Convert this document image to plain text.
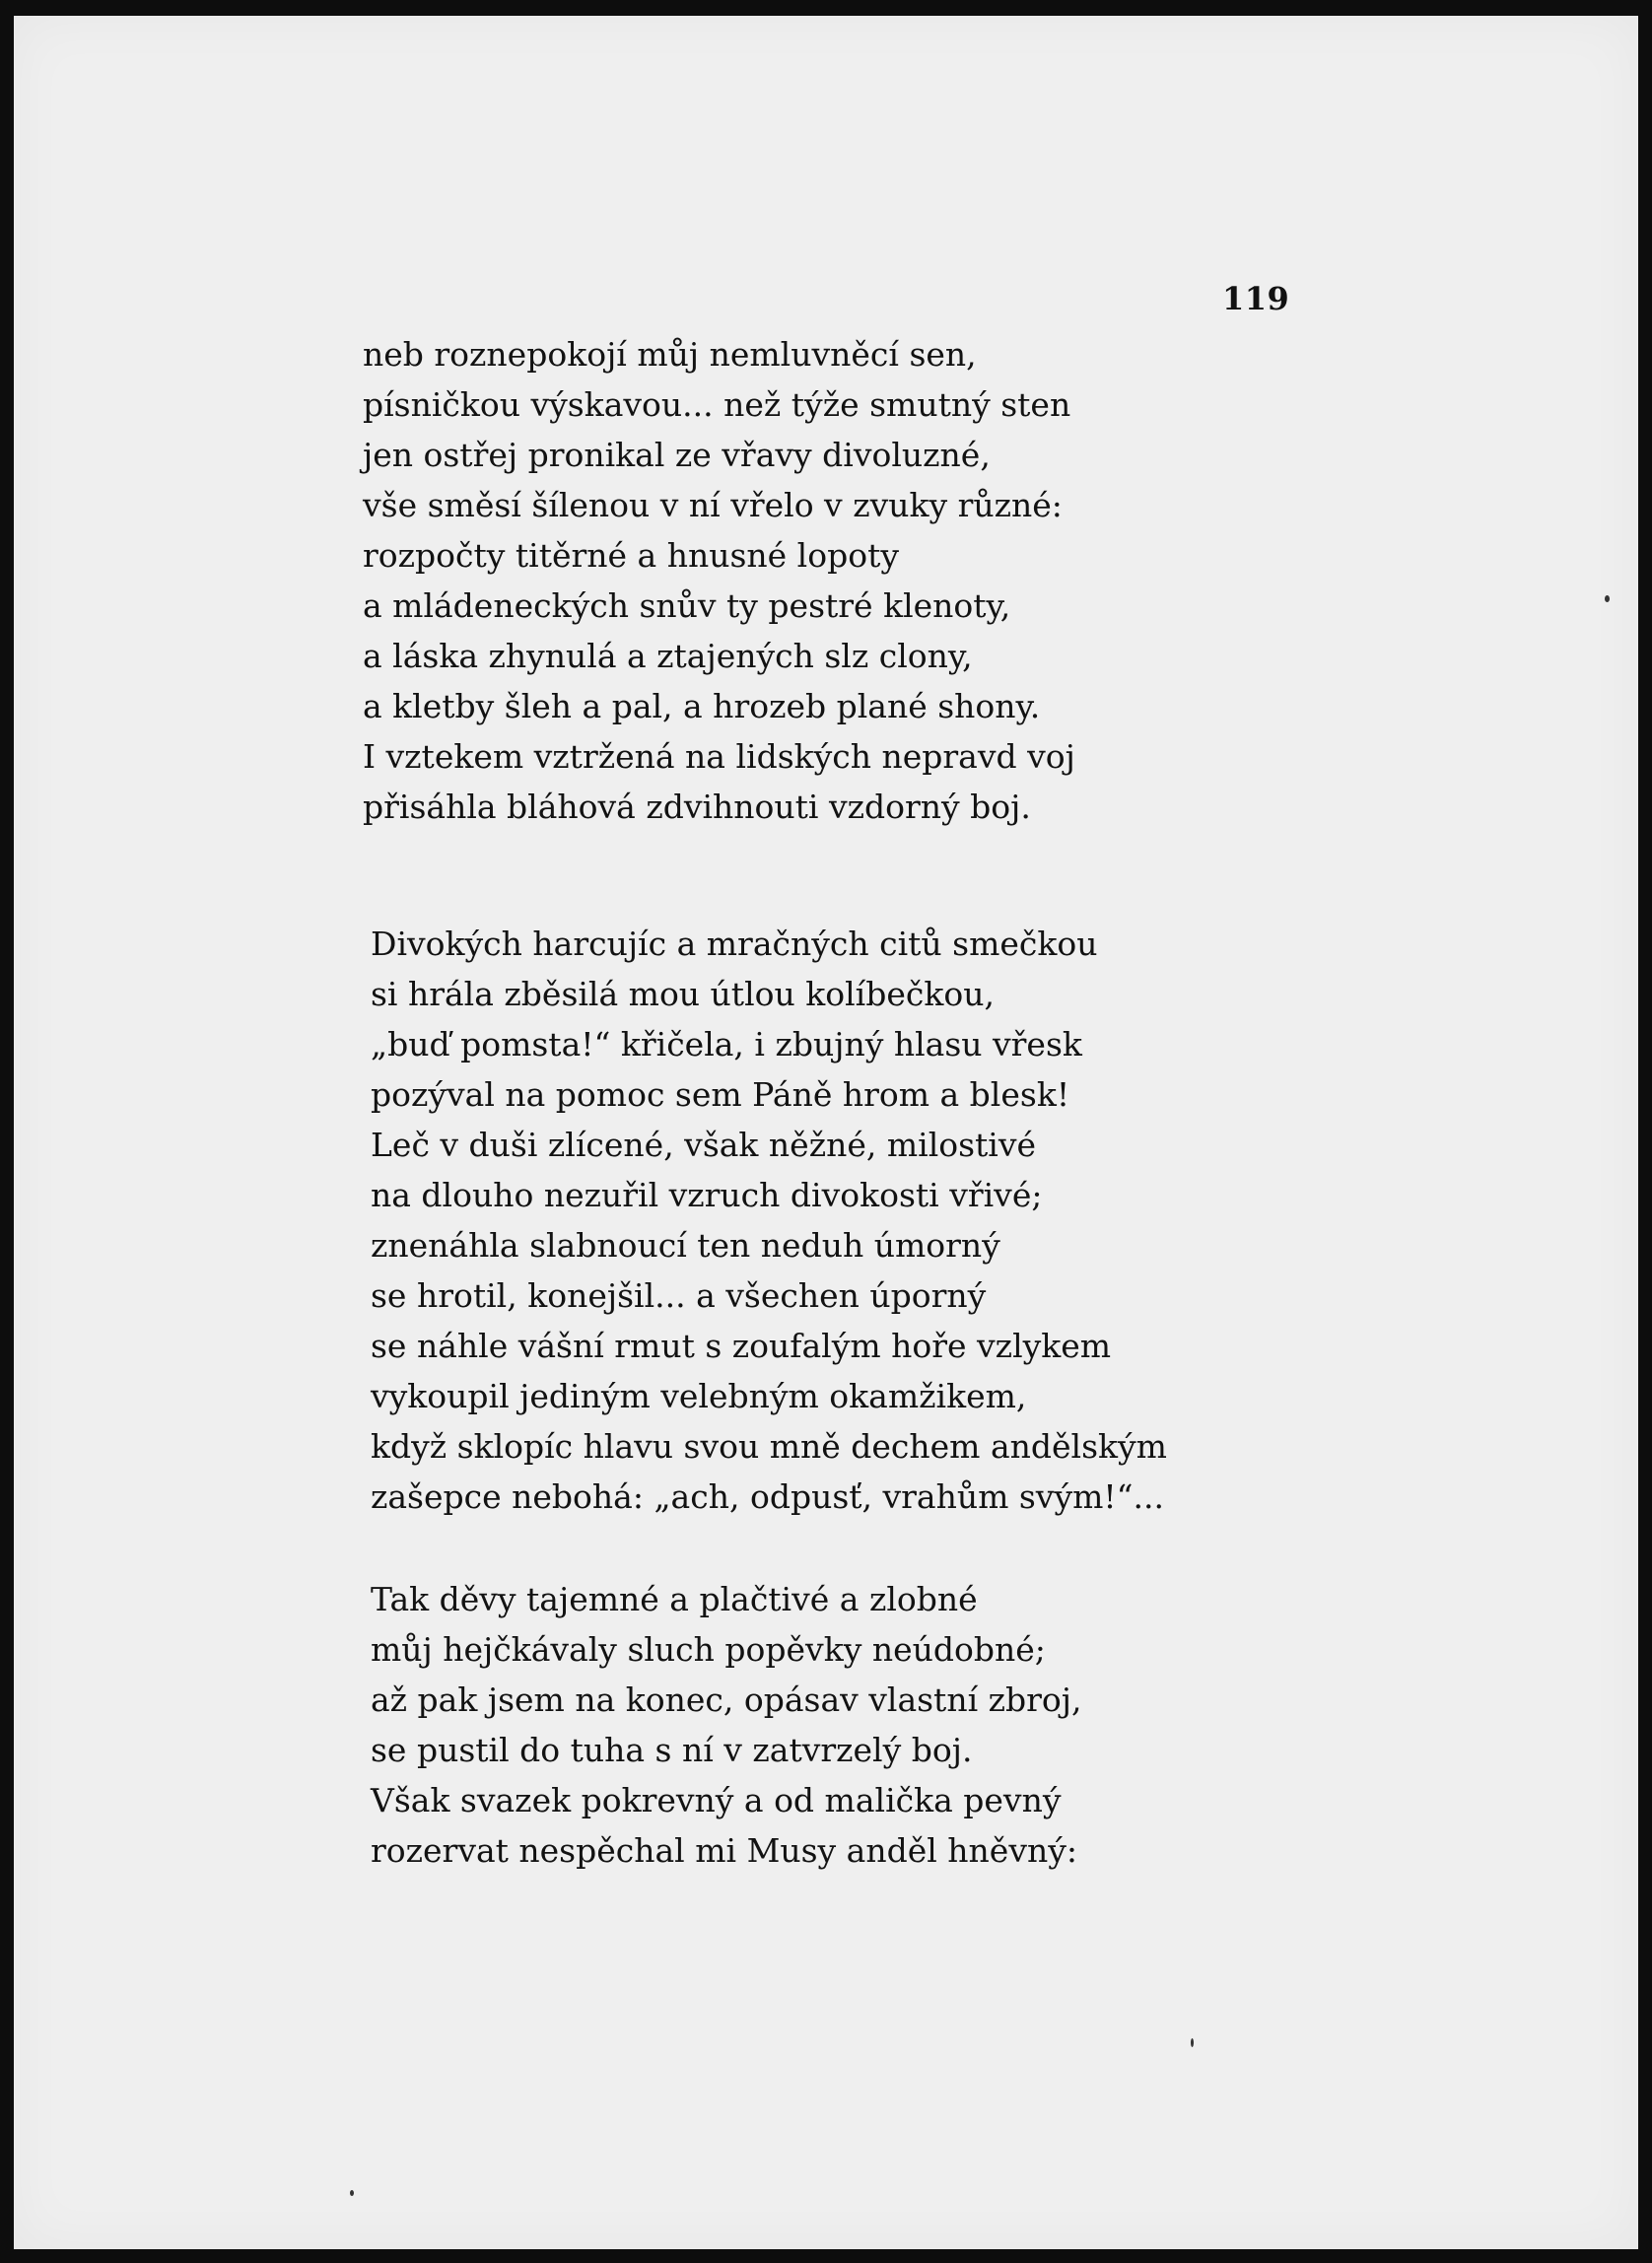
119
neb roznepokojí můj nemluvněcí sen,
písničkou výskavou... než týže smutný sten
jen ostřej pronikal ze vřavy divoluzné,
vše směsí šílenou v ní vřelo v zvuky různé:
rozpočty titěrné a hnusné lopoty
a mládeneckých snův ty pestré klenoty,
a láska zhynulá a ztajených slz clony,
a kletby šleh a pal, a hrozeb plané shony.
I vztekem vztržená na lidských nepravd voj
přisáhla bláhová zdvihnouti vzdorný boj.
Divokých harcujíc a mračných citů smečkou
si hrála zběsilá mou útlou kolíbečkou,
„buď pomsta!“ křičela, i zbujný hlasu vřesk
pozýval na pomoc sem Páně hrom a blesk!
Leč v duši zlícené, však něžné, milostivé
na dlouho nezuřil vzruch divokosti vřivé;
znenáhla slabnoucí ten neduh úmorný
se hrotil, konejšil... a všechen úporný
se náhle vášní rmut s zoufalým hoře vzlykem
vykoupil jediným velebným okamžikem,
když sklopíc hlavu svou mně dechem andělským
zašepce nebohá: „ach, odpusť, vrahům svým!“...
Tak děvy tajemné a plačtivé a zlobné
můj hejčkávaly sluch popěvky neúdobné;
až pak jsem na konec, opásav vlastní zbroj,
se pustil do tuha s ní v zatvrzelý boj.
Však svazek pokrevný a od malička pevný
rozervat nespěchal mi Musy anděl hněvný:
